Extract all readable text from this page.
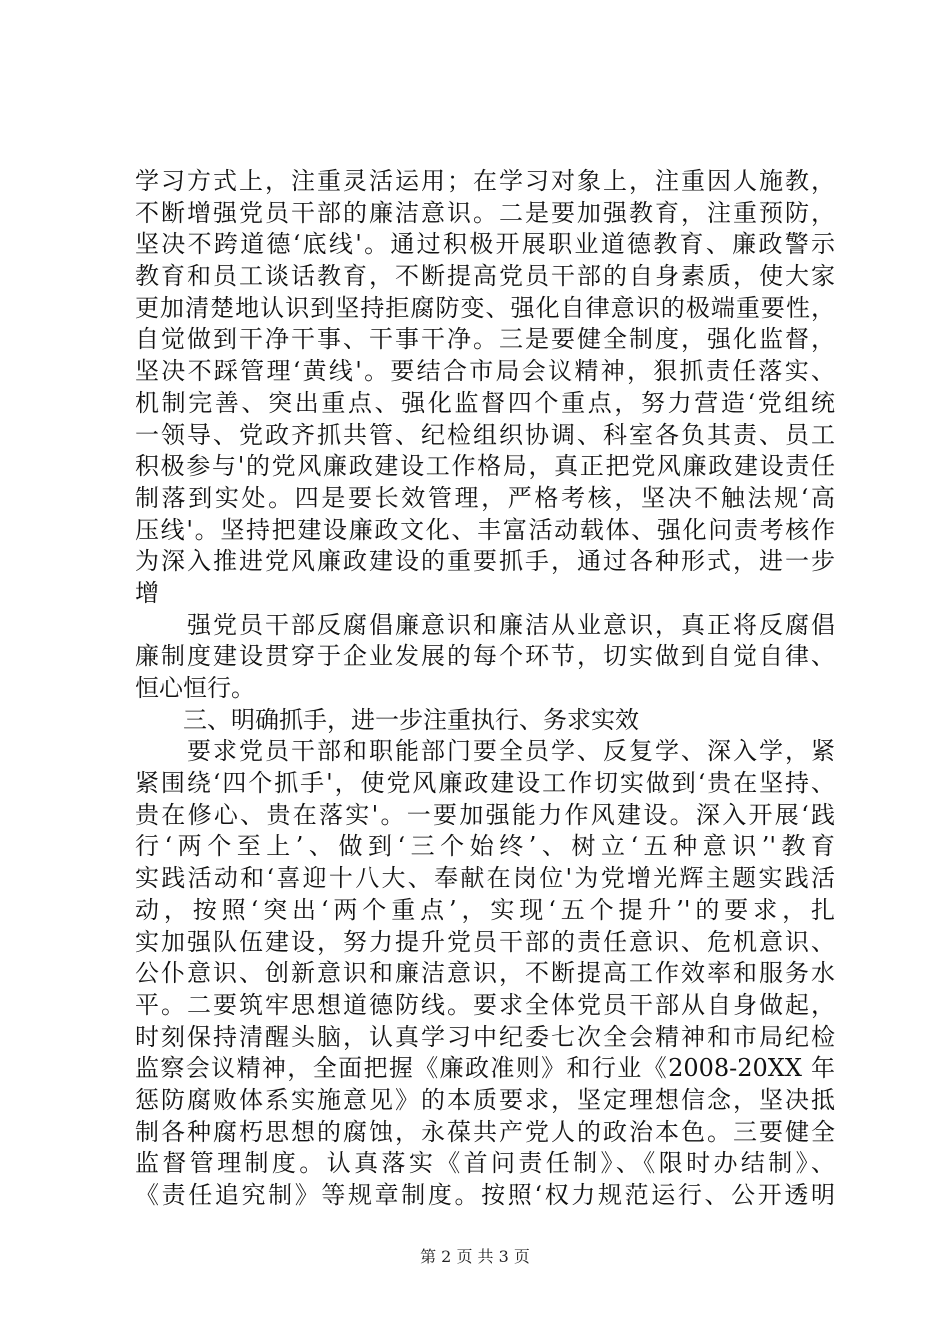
学习方式上，注重灵活运用；在学习对象上，注重因人施教，
不断增强党员干部的廉洁意识。二是要加强教育，注重预防，
坚决不跨道德‘底线'。通过积极开展职业道德教育、廉政警示
教育和员工谈话教育，不断提高党员干部的自身素质，使大家
更加清楚地认识到坚持拒腐防变、强化自律意识的极端重要性，
自觉做到干净干事、干事干净。三是要健全制度，强化监督，
坚决不踩管理‘黄线'。要结合市局会议精神，狠抓责任落实、
机制完善、突出重点、强化监督四个重点，努力营造‘党组统
一领导、党政齐抓共管、纪检组织协调、科室各负其责、员工
积极参与'的党风廉政建设工作格局，真正把党风廉政建设责任
制落到实处。四是要长效管理，严格考核，坚决不触法规‘高
压线'。坚持把建设廉政文化、丰富活动载体、强化问责考核作
为深入推进党风廉政建设的重要抓手，通过各种形式，进一步
增
　　强党员干部反腐倡廉意识和廉洁从业意识，真正将反腐倡
廉制度建设贯穿于企业发展的每个环节，切实做到自觉自律、
恒心恒行。
　　三、明确抓手，进一步注重执行、务求实效
　　要求党员干部和职能部门要全员学、反复学、深入学，紧
紧围绕‘四个抓手'，使党风廉政建设工作切实做到‘贵在坚持、
贵在修心、贵在落实'。一要加强能力作风建设。深入开展‘践
行‘两个至上’、做到‘三个始终’、树立‘五种意识’'教育
实践活动和‘喜迎十八大、奉献在岗位'为党增光辉主题实践活
动，按照‘突出‘两个重点’，实现‘五个提升’'的要求，扎
实加强队伍建设，努力提升党员干部的责任意识、危机意识、
公仆意识、创新意识和廉洁意识，不断提高工作效率和服务水
平。二要筑牢思想道德防线。要求全体党员干部从自身做起，
时刻保持清醒头脑，认真学习中纪委七次全会精神和市局纪检
监察会议精神，全面把握《廉政准则》和行业《2008-20XX 年
惩防腐败体系实施意见》的本质要求，坚定理想信念，坚决抵
制各种腐朽思想的腐蚀，永葆共产党人的政治本色。三要健全
监督管理制度。认真落实《首问责任制》、《限时办结制》、
《责任追究制》等规章制度。按照‘权力规范运行、公开透明
第 2 页 共 3 页
